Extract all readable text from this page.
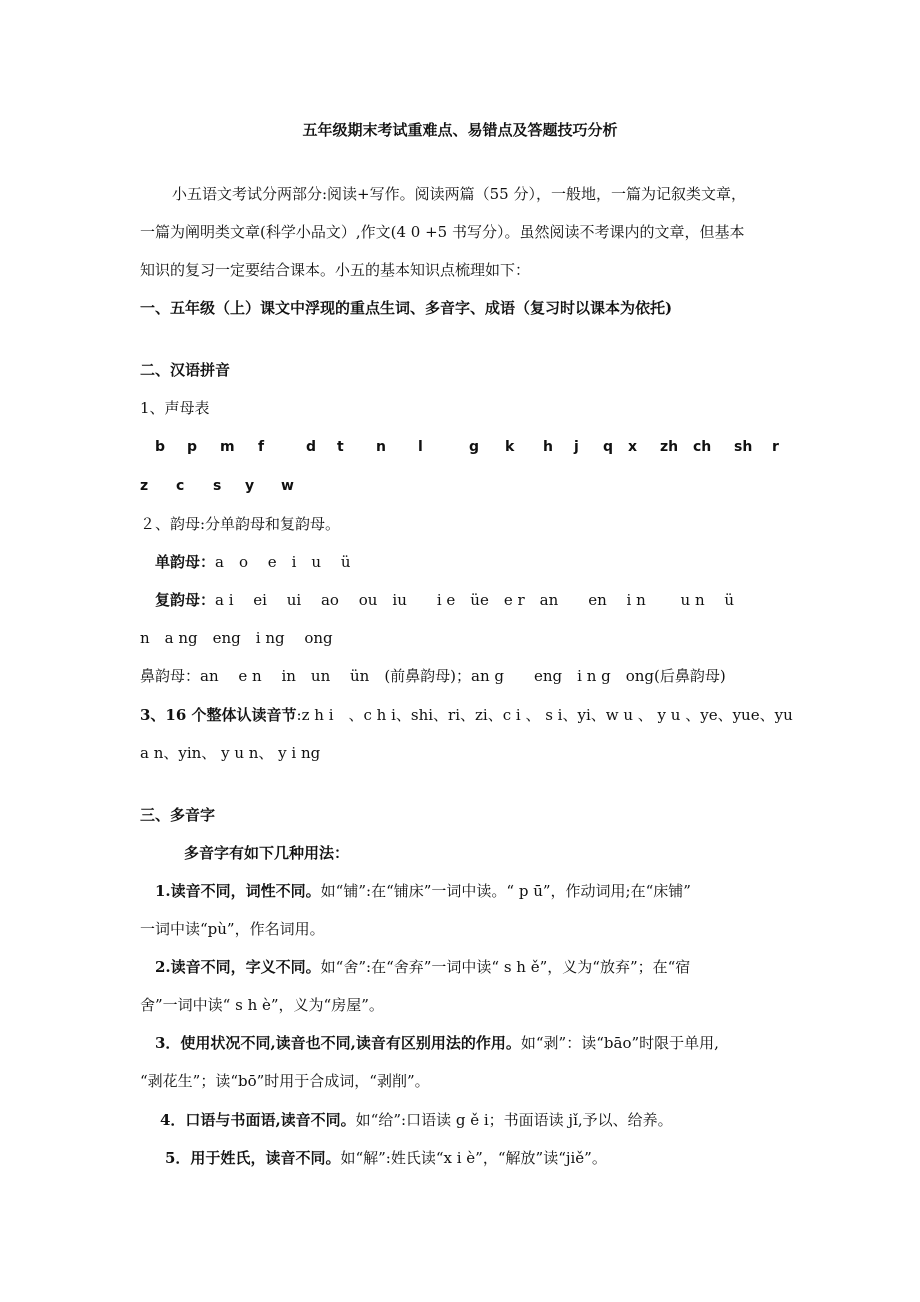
五年级期末考试重难点、易错点及答题技巧分析
小五语文考试分两部分:阅读+写作。阅读两篇（55 分），一般地，一篇为记叙类文章，
一篇为阐明类文章(科学小品文）,作文(4 0 +5 书写分）。虽然阅读不考课内的文章，但基本
知识的复习一定要结合课本。小五的基本知识点梳理如下：
一、五年级（上）课文中浮现的重点生词、多音字、成语（复习时以课本为依托)
二、汉语拼音
1、声母表
b p m f	d t n l	g k h j q x zh ch sh r
z c s y w
２、韵母:分单韵母和复韵母。
单韵母：a　o　 e　i　u　 ü
复韵母：a i　 ei　 ui　 ao　 ou　iu　　i e　üe　e r　an　　en　 i n　 　u n　 ü
n　a ng　eng　i ng　 ong
鼻韵母：an　 e n　 in　un　 ün　(前鼻韵母)；an g　　eng　i n g　ong(后鼻韵母)
3、16 个整体认读音节:z h i　、c h i、shi、ri、zi、c i 、 s i、yi、w u 、 y u 、ye、yue、yu
a n、yin、 y u n、 y i ng
三、多音字
多音字有如下几种用法：
1.读音不同，词性不同。如“铺”:在“铺床”一词中读。“ p ū”，作动词用;在“床铺”
一词中读“pù”，作名词用。
2.读音不同，字义不同。如“舍”:在“舍弃”一词中读“ s h ě”，义为“放弃”；在“宿
舍”一词中读“ s h è”，义为“房屋”。
3．使用状况不同,读音也不同,读音有区别用法的作用。如“剥”：读“bāo”时限于单用,
“剥花生”；读“bō”时用于合成词，“剥削”。
4．口语与书面语,读音不同。如“给”:口语读 g ě i；书面语读 jǐ,予以、给养。
5．用于姓氏，读音不同。如“解”:姓氏读“x i è”，“解放”读“jiě”。
